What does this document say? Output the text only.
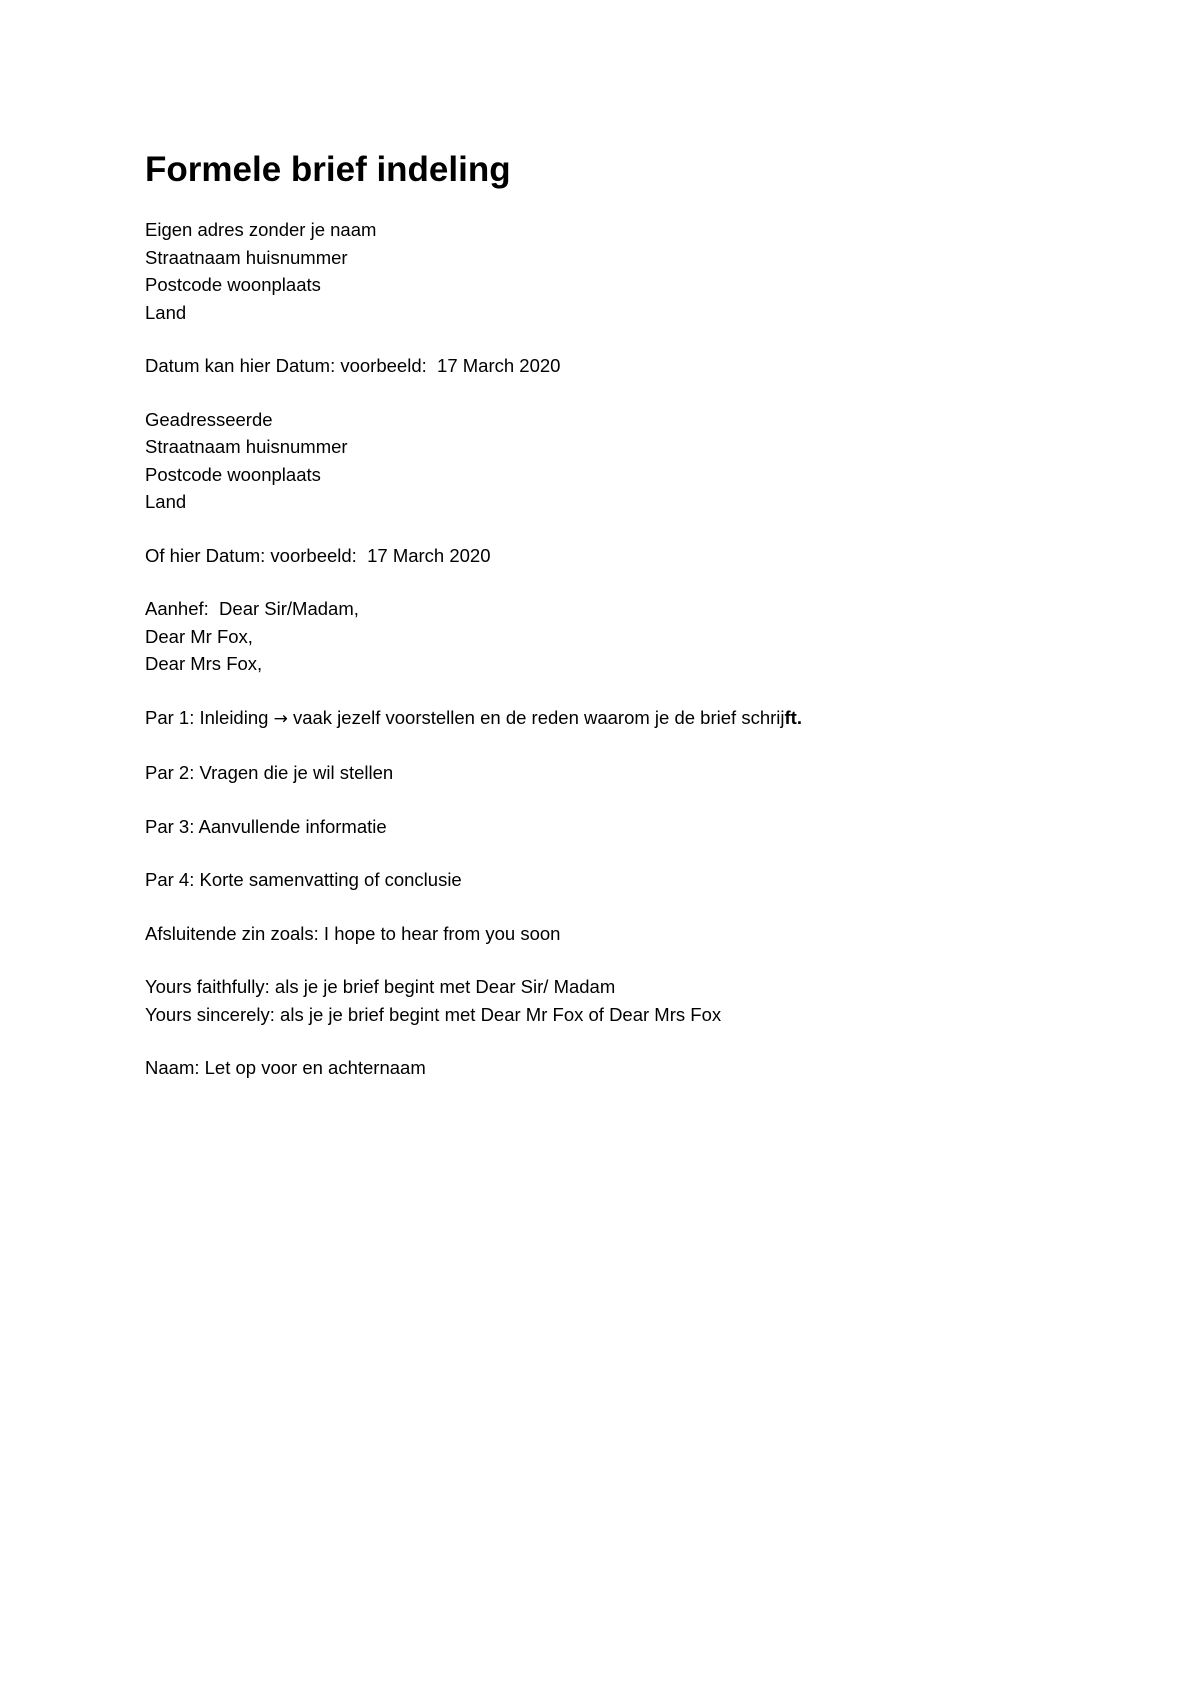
Formele brief indeling

Eigen adres zonder je naam

Straatnaam huisnummer

Postcode woonplaats

Land

Datum kan hier Datum: voorbeeld:  17 March 2020

Geadresseerde

Straatnaam huisnummer

Postcode woonplaats

Land

Of hier Datum: voorbeeld:  17 March 2020

Aanhef:  Dear Sir/Madam,

Dear Mr Fox,

Dear Mrs Fox,

Par 1: Inleiding → vaak jezelf voorstellen en de reden waarom je de brief schrijft.

Par 2: Vragen die je wil stellen

Par 3: Aanvullende informatie

Par 4: Korte samenvatting of conclusie

Afsluitende zin zoals: I hope to hear from you soon

Yours faithfully: als je je brief begint met Dear Sir/ Madam

Yours sincerely: als je je brief begint met Dear Mr Fox of Dear Mrs Fox

Naam: Let op voor en achternaam
